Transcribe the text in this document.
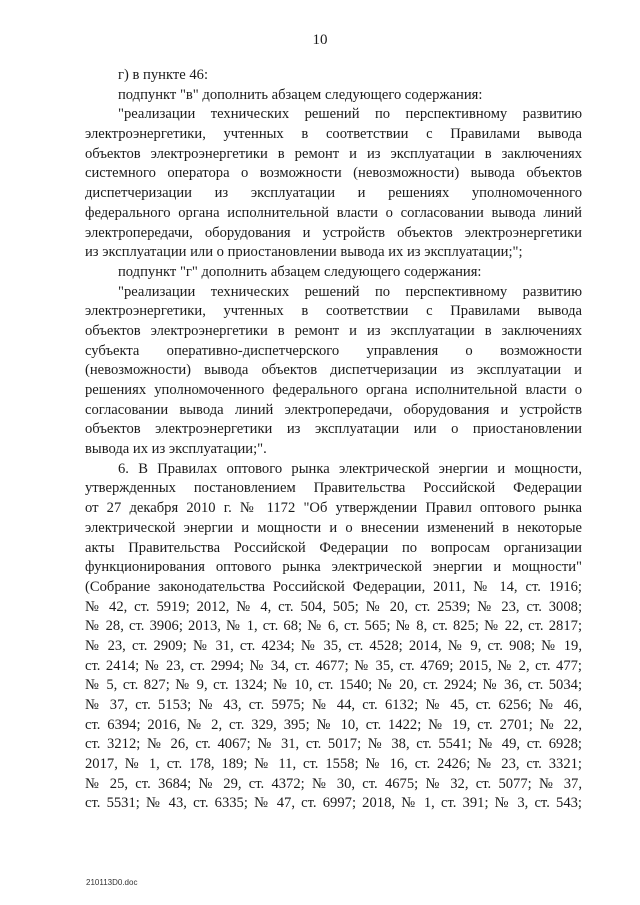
10
г) в пункте 46:
подпункт "в" дополнить абзацем следующего содержания:
"реализации технических решений по перспективному развитию
электроэнергетики, учтенных в соответствии с Правилами вывода
объектов электроэнергетики в ремонт и из эксплуатации в заключениях
системного оператора о возможности (невозможности) вывода объектов
диспетчеризации из эксплуатации и решениях уполномоченного
федерального органа исполнительной власти о согласовании вывода линий
электропередачи, оборудования и устройств объектов электроэнергетики
из эксплуатации или о приостановлении вывода их из эксплуатации;";
подпункт "г" дополнить абзацем следующего содержания:
"реализации технических решений по перспективному развитию
электроэнергетики, учтенных в соответствии с Правилами вывода
объектов электроэнергетики в ремонт и из эксплуатации в заключениях
субъекта оперативно-диспетчерского управления о возможности
(невозможности) вывода объектов диспетчеризации из эксплуатации и
решениях уполномоченного федерального органа исполнительной власти о
согласовании вывода линий электропередачи, оборудования и устройств
объектов электроэнергетики из эксплуатации или о приостановлении
вывода их из эксплуатации;".
6. В Правилах оптового рынка электрической энергии и мощности,
утвержденных постановлением Правительства Российской Федерации
от 27 декабря 2010 г. № 1172 "Об утверждении Правил оптового рынка
электрической энергии и мощности и о внесении изменений в некоторые
акты Правительства Российской Федерации по вопросам организации
функционирования оптового рынка электрической энергии и мощности"
(Собрание законодательства Российской Федерации, 2011, № 14, ст. 1916;
№ 42, ст. 5919; 2012, № 4, ст. 504, 505; № 20, ст. 2539; № 23, ст. 3008;
№ 28, ст. 3906; 2013, № 1, ст. 68; № 6, ст. 565; № 8, ст. 825; № 22, ст. 2817;
№ 23, ст. 2909; № 31, ст. 4234; № 35, ст. 4528; 2014, № 9, ст. 908; № 19,
ст. 2414; № 23, ст. 2994; № 34, ст. 4677; № 35, ст. 4769; 2015, № 2, ст. 477;
№ 5, ст. 827; № 9, ст. 1324; № 10, ст. 1540; № 20, ст. 2924; № 36, ст. 5034;
№ 37, ст. 5153; № 43, ст. 5975; № 44, ст. 6132; № 45, ст. 6256; № 46,
ст. 6394; 2016, № 2, ст. 329, 395; № 10, ст. 1422; № 19, ст. 2701; № 22,
ст. 3212; № 26, ст. 4067; № 31, ст. 5017; № 38, ст. 5541; № 49, ст. 6928;
2017, № 1, ст. 178, 189; № 11, ст. 1558; № 16, ст. 2426; № 23, ст. 3321;
№ 25, ст. 3684; № 29, ст. 4372; № 30, ст. 4675; № 32, ст. 5077; № 37,
ст. 5531; № 43, ст. 6335; № 47, ст. 6997; 2018, № 1, ст. 391; № 3, ст. 543;
210113D0.doc
